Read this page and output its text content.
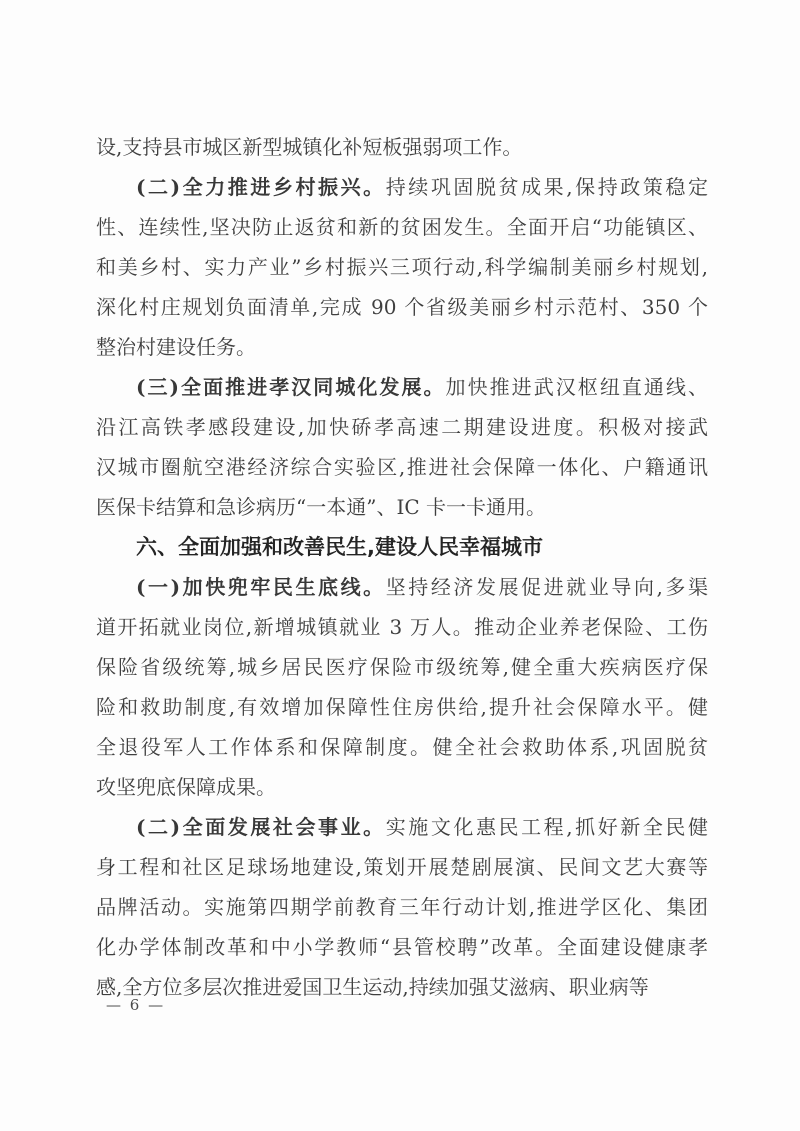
设,支持县市城区新型城镇化补短板强弱项工作。
(二)全力推进乡村振兴。持续巩固脱贫成果,保持政策稳定
性、连续性,坚决防止返贫和新的贫困发生。全面开启“功能镇区、
和美乡村、实力产业”乡村振兴三项行动,科学编制美丽乡村规划,
深化村庄规划负面清单,完成 90 个省级美丽乡村示范村、350 个
整治村建设任务。
(三)全面推进孝汉同城化发展。加快推进武汉枢纽直通线、
沿江高铁孝感段建设,加快硚孝高速二期建设进度。积极对接武
汉城市圈航空港经济综合实验区,推进社会保障一体化、户籍通讯
医保卡结算和急诊病历“一本通”、IC 卡一卡通用。
六、全面加强和改善民生,建设人民幸福城市
(一)加快兜牢民生底线。坚持经济发展促进就业导向,多渠
道开拓就业岗位,新增城镇就业 3 万人。推动企业养老保险、工伤
保险省级统筹,城乡居民医疗保险市级统筹,健全重大疾病医疗保
险和救助制度,有效增加保障性住房供给,提升社会保障水平。健
全退役军人工作体系和保障制度。健全社会救助体系,巩固脱贫
攻坚兜底保障成果。
(二)全面发展社会事业。实施文化惠民工程,抓好新全民健
身工程和社区足球场地建设,策划开展楚剧展演、民间文艺大赛等
品牌活动。实施第四期学前教育三年行动计划,推进学区化、集团
化办学体制改革和中小学教师“县管校聘”改革。全面建设健康孝
感,全方位多层次推进爱国卫生运动,持续加强艾滋病、职业病等
— 6 —
